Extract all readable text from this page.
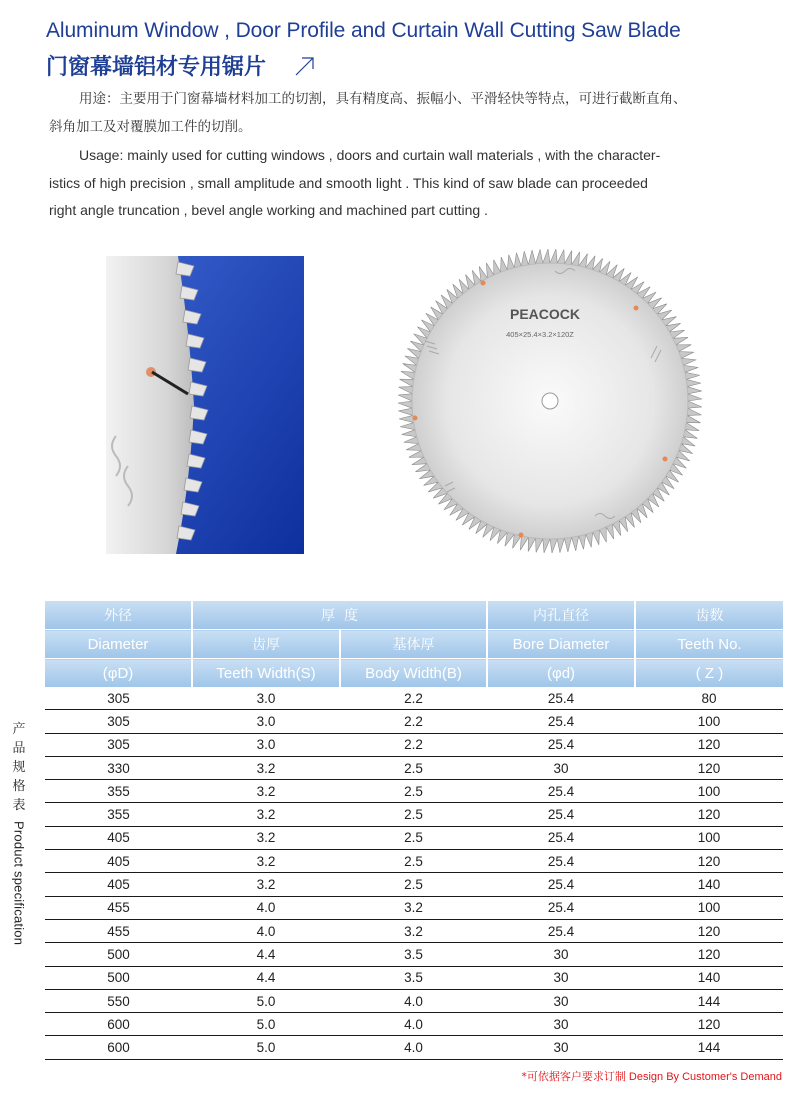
Aluminum Window , Door Profile and Curtain Wall Cutting Saw Blade
门窗幕墙铝材专用锯片
用途：主要用于门窗幕墙材料加工的切割，具有精度高、振幅小、平滑轻快等特点，可进行截断直角、
斜角加工及对覆膜加工件的切削。
Usage: mainly used for cutting windows , doors and curtain wall materials , with the character-
istics of high precision , small amplitude and smooth light . This kind of saw blade can proceeded
right angle truncation , bevel angle working and machined part cutting .
PEACOCK
405×25.4×3.2×120Z
产
品
规
格
表
Product specification
外径	厚  度		内孔直径	齿数
Diameter	齿厚	基体厚	Bore Diameter	Teeth No.
(φD)	Teeth Width(S)	Body Width(B)	(φd)	( Z )
305	3.0	2.2	25.4	80
305	3.0	2.2	25.4	100
305	3.0	2.2	25.4	120
330	3.2	2.5	30	120
355	3.2	2.5	25.4	100
355	3.2	2.5	25.4	120
405	3.2	2.5	25.4	100
405	3.2	2.5	25.4	120
405	3.2	2.5	25.4	140
455	4.0	3.2	25.4	100
455	4.0	3.2	25.4	120
500	4.4	3.5	30	120
500	4.4	3.5	30	140
550	5.0	4.0	30	144
600	5.0	4.0	30	120
600	5.0	4.0	30	144
*可依据客户要求订制 Design By Customer's Demand
